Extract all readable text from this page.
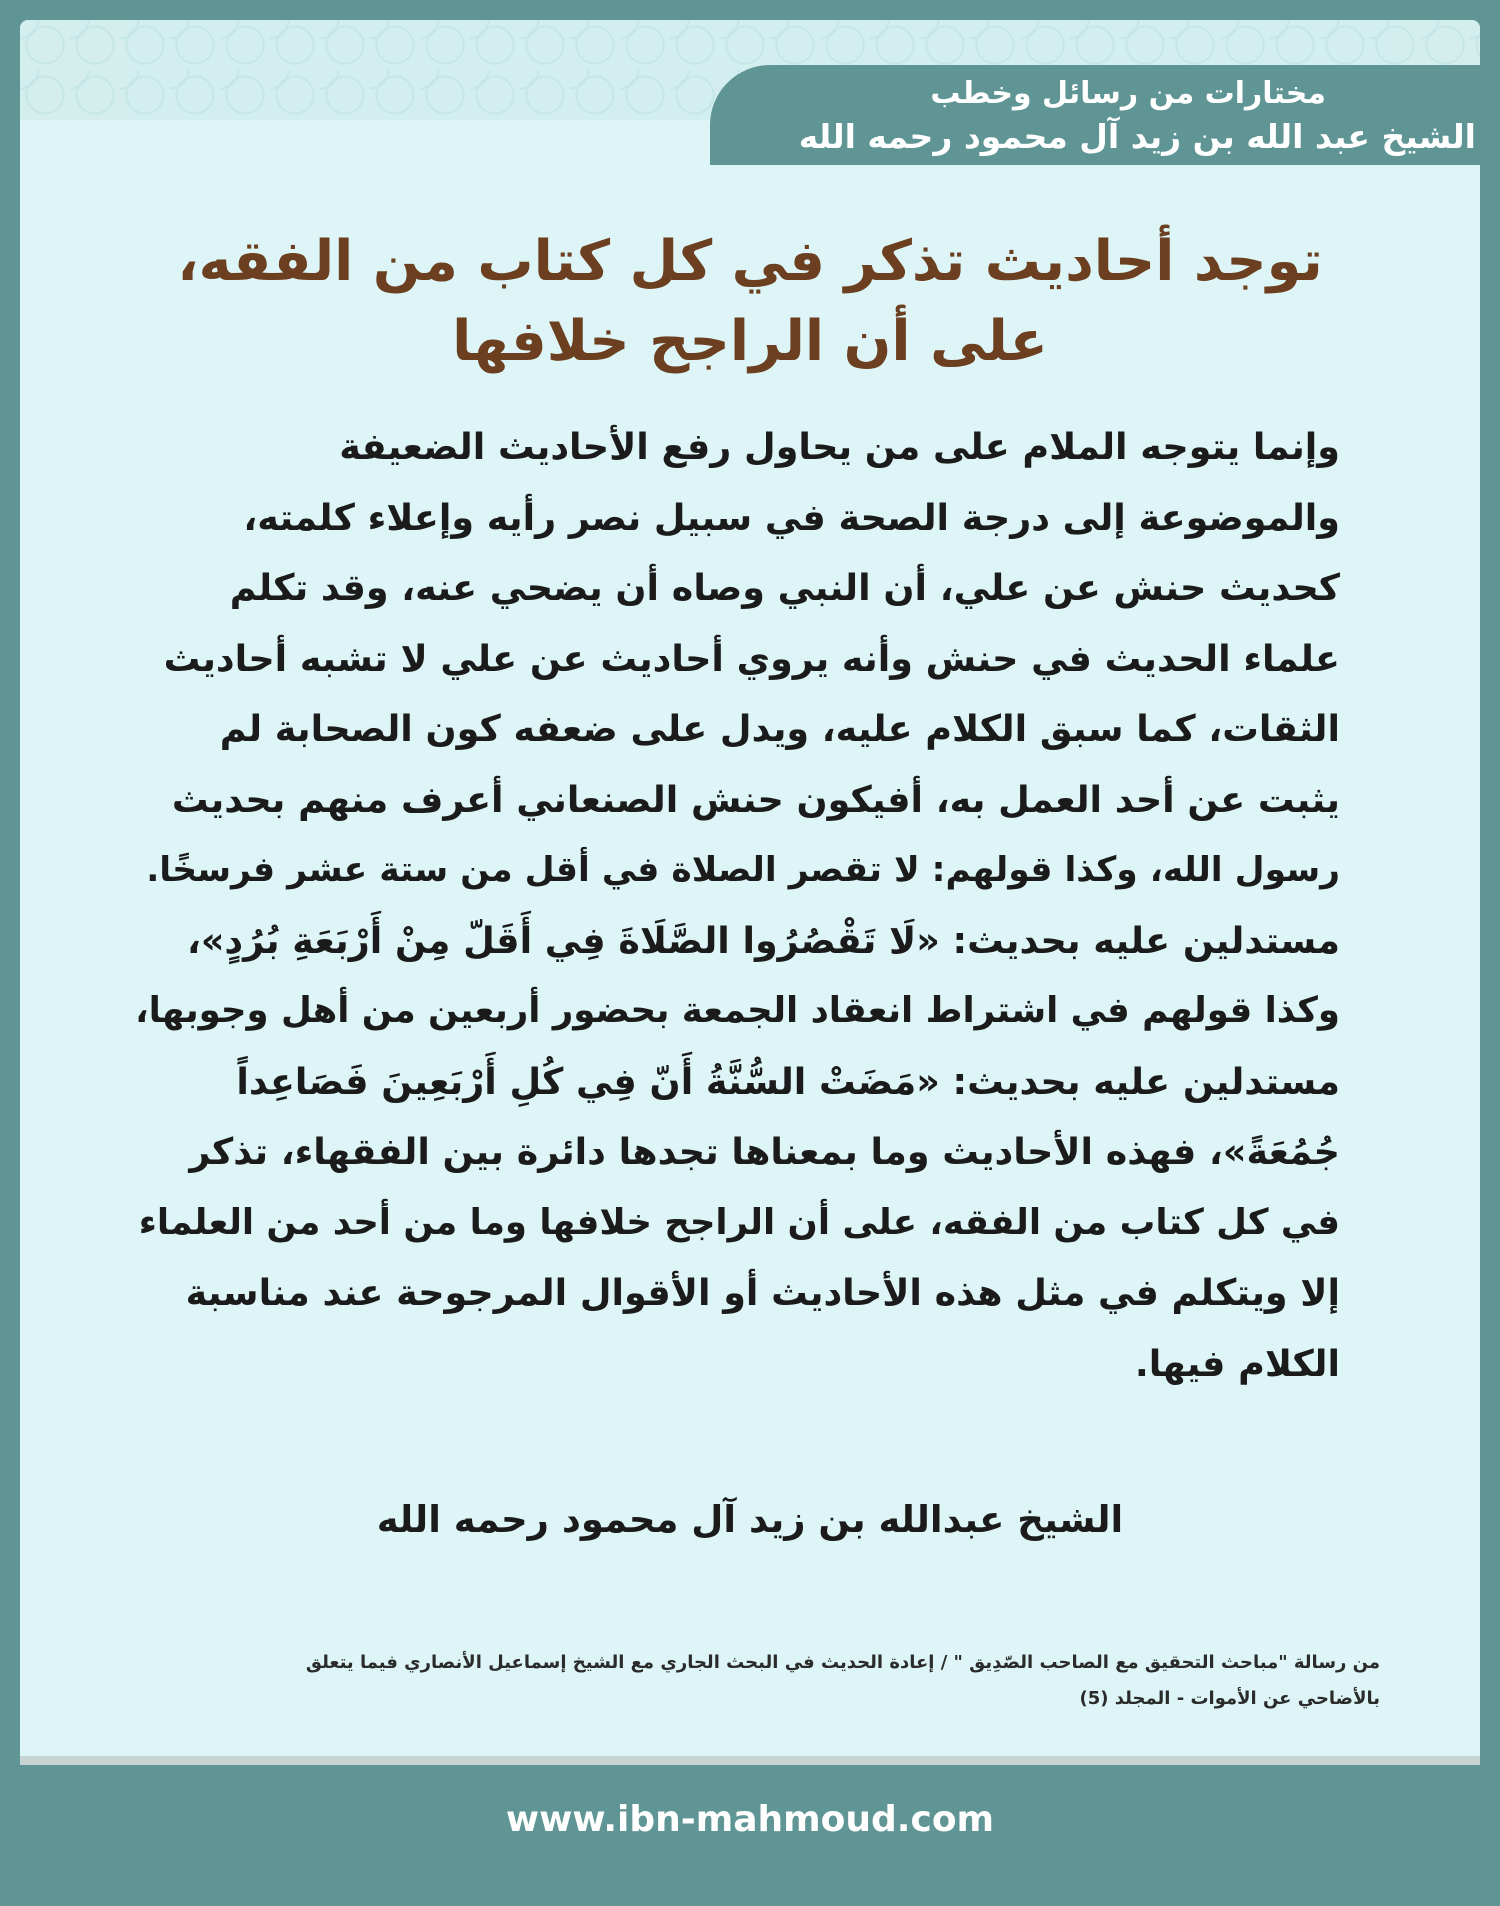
مختارات من رسائل وخطب
الشيخ عبد الله بن زيد آل محمود رحمه الله
توجد أحاديث تذكر في كل كتاب من الفقه،
على أن الراجح خلافها
وإنما يتوجه الملام على من يحاول رفع الأحاديث الضعيفة
والموضوعة إلى درجة الصحة في سبيل نصر رأيه وإعلاء كلمته،
كحديث حنش عن علي، أن النبي وصاه أن يضحي عنه، وقد تكلم
علماء الحديث في حنش وأنه يروي أحاديث عن علي لا تشبه أحاديث
الثقات، كما سبق الكلام عليه، ويدل على ضعفه كون الصحابة لم
يثبت عن أحد العمل به، أفيكون حنش الصنعاني أعرف منهم بحديث
رسول الله، وكذا قولهم: لا تقصر الصلاة في أقل من ستة عشر فرسخًا.
مستدلين عليه بحديث: «لَا تَقْصُرُوا الصَّلَاةَ فِي أَقَلّ مِنْ أَرْبَعَةِ بُرُدٍ»،
وكذا قولهم في اشتراط انعقاد الجمعة بحضور أربعين من أهل وجوبها،
مستدلين عليه بحديث: «مَضَتْ السُّنَّةُ أَنّ فِي كُلِ أَرْبَعِينَ فَصَاعِداً
جُمُعَةً»، فهذه الأحاديث وما بمعناها تجدها دائرة بين الفقهاء، تذكر
في كل كتاب من الفقه، على أن الراجح خلافها وما من أحد من العلماء
إلا ويتكلم في مثل هذه الأحاديث أو الأقوال المرجوحة عند مناسبة
الكلام فيها.
الشيخ عبدالله بن زيد آل محمود رحمه الله
من رسالة "مباحث التحقيق مع الصاحب الصّدِيق " / إعادة الحديث في البحث الجاري مع الشيخ إسماعيل الأنصاري فيما يتعلق
بالأضاحي عن الأموات - المجلد (5)
www.ibn-mahmoud.com
